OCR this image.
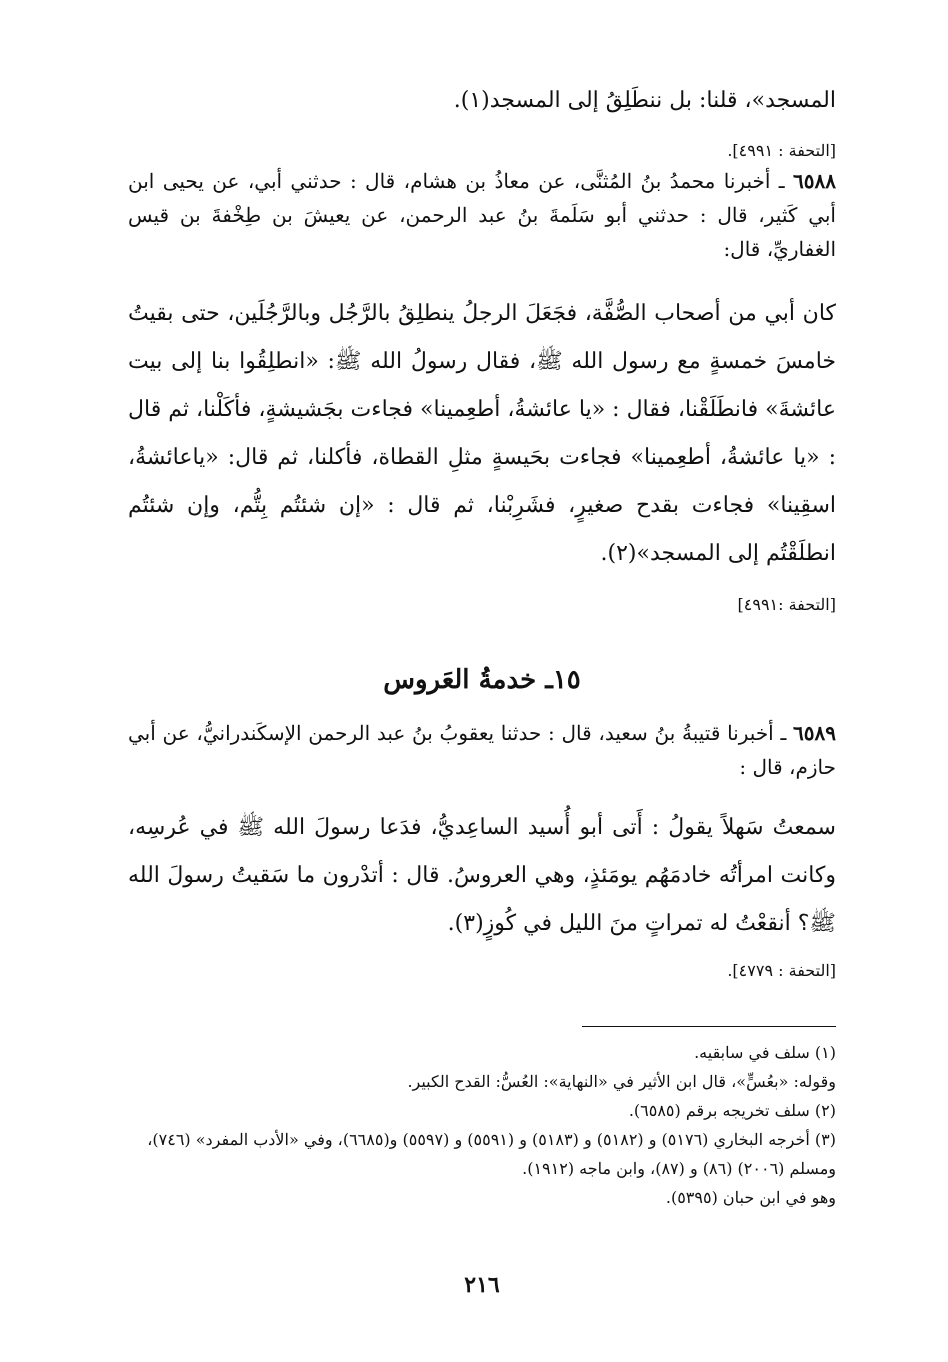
المسجد»، قلنا: بل ننطَلِقُ إلى المسجد(١).
[التحفة : ٤٩٩١].
٦٥٨٨ ـ أخبرنا محمدُ بنُ المُثنَّى، عن معاذُ بن هشام، قال : حدثني أبي، عن يحيى ابن أبي كَثير، قال : حدثني أبو سَلَمةَ بنُ عبد الرحمن، عن يعيشَ بن طِخْفةَ بن قيس الغفاريِّ، قال:
كان أبي من أصحاب الصُّفَّة، فجَعَلَ الرجلُ ينطلِقُ بالرَّجُل وبالرَّجُلَين، حتى بقيتُ خامسَ خمسةٍ مع رسول الله ﷺ، فقال رسولُ الله ﷺ: «انطلِقُوا بنا إلى بيت عائشةَ» فانطَلَقْنا، فقال : «يا عائشةُ، أطعِمينا» فجاءت بجَشيشةٍ، فأكَلْنا، ثم قال : «يا عائشةُ، أطعِمينا» فجاءت بحَيسةٍ مثلِ القطاة، فأكلنا، ثم قال: «ياعائشةُ، اسقِينا» فجاءت بقدح صغيرٍ، فشَرِبْنا، ثم قال : «إن شئتُم بِتُّم، وإن شئتُم انطلَقْتُم إلى المسجد»(٢).
[التحفة :٤٩٩١]
١٥ـ خدمةُ العَروس
٦٥٨٩ ـ أخبرنا قتيبةُ بنُ سعيد، قال : حدثنا يعقوبُ بنُ عبد الرحمن الإسكَندرانيُّ، عن أبي حازم، قال :
سمعتُ سَهلاً يقولُ : أَتى أبو أُسيد الساعِديُّ، فدَعا رسولَ الله ﷺ في عُرسِه، وكانت امرأتُه خادمَهُم يومَئذٍ، وهي العروسُ. قال : أتدْرون ما سَقيتُ رسولَ الله ﷺ؟ أنقعْتُ له تمراتٍ منَ الليل في كُوزٍ(٣).
[التحفة : ٤٧٧٩].

(١) سلف في سابقيه.

وقوله: «بعُسٍّ»، قال ابن الأثير في «النهاية»: العُسُّ: القدح الكبير.

(٢) سلف تخريجه برقم (٦٥٨٥).

(٣) أخرجه البخاري (٥١٧٦) و (٥١٨٢) و (٥١٨٣) و (٥٥٩١) و (٥٥٩٧) و(٦٦٨٥)، وفي «الأدب المفرد» (٧٤٦)، ومسلم (٢٠٠٦) (٨٦) و (٨٧)، وابن ماجه (١٩١٢).

وهو في ابن حبان (٥٣٩٥).

٢١٦
